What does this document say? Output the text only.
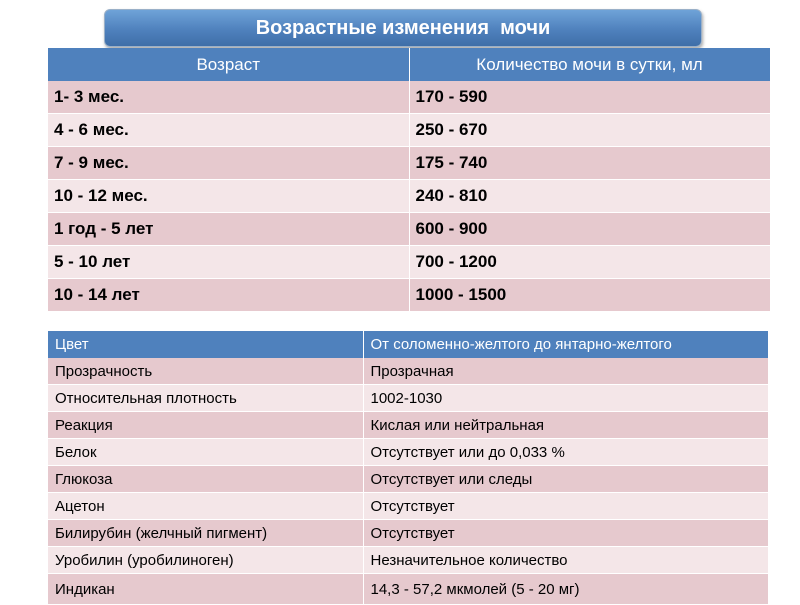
Возрастные изменения  мочи
Возраст	Количество мочи в сутки, мл
1- 3 мес.	170 - 590
4 - 6 мес.	250 - 670
7 - 9 мес.	175 - 740
10 - 12 мес.	240 - 810
1 год - 5 лет	600 - 900
5 - 10 лет	700 - 1200
10 - 14 лет	1000 - 1500
Цвет	От соломенно-желтого до янтарно-желтого
Прозрачность	Прозрачная
Относительная плотность	1002-1030
Реакция	Кислая или нейтральная
Белок	Отсутствует или до 0,033 %
Глюкоза	Отсутствует или следы
Ацетон	Отсутствует
Билирубин (желчный пигмент)	Отсутствует
Уробилин (уробилиноген)	Незначительное количество
Индикан	14,3 - 57,2 мкмолей (5 - 20 мг)
